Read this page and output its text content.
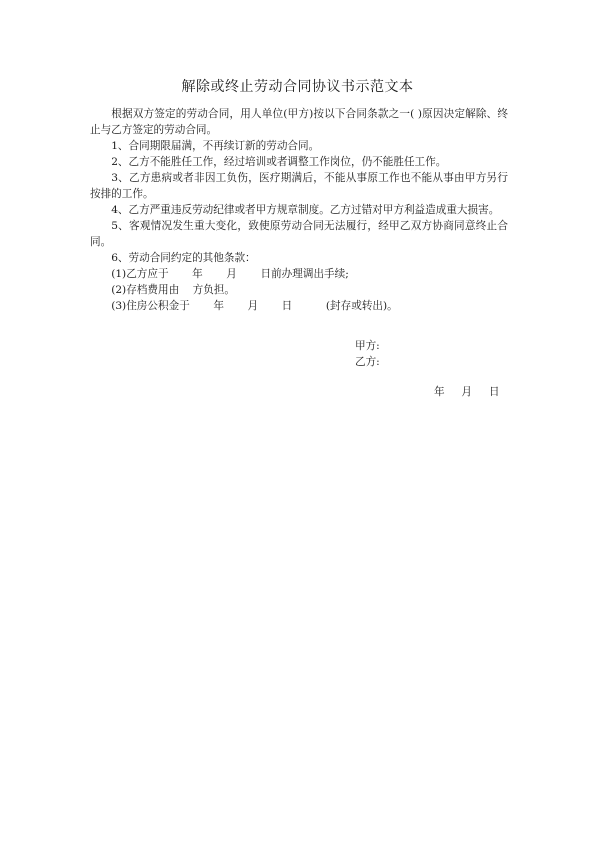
解除或终止劳动合同协议书示范文本

根据双方签定的劳动合同，用人单位(甲方)按以下合同条款之一( )原因决定解除、终止与乙方签定的劳动合同。

1、合同期限届满，不再续订新的劳动合同。

2、乙方不能胜任工作，经过培训或者调整工作岗位，仍不能胜任工作。

3、乙方患病或者非因工负伤，医疗期满后，不能从事原工作也不能从事由甲方另行按排的工作。

4、乙方严重违反劳动纪律或者甲方规章制度。乙方过错对甲方利益造成重大损害。

5、客观情况发生重大变化，致使原劳动合同无法履行，经甲乙双方协商同意终止合同。

6、劳动合同约定的其他条款：

(1)乙方应于       年       月       日前办理调出手续;

(2)存档费用由    方负担。

(3)住房公积金于       年       月       日          (封存或转出)。

甲方:
乙方:
年     月     日
